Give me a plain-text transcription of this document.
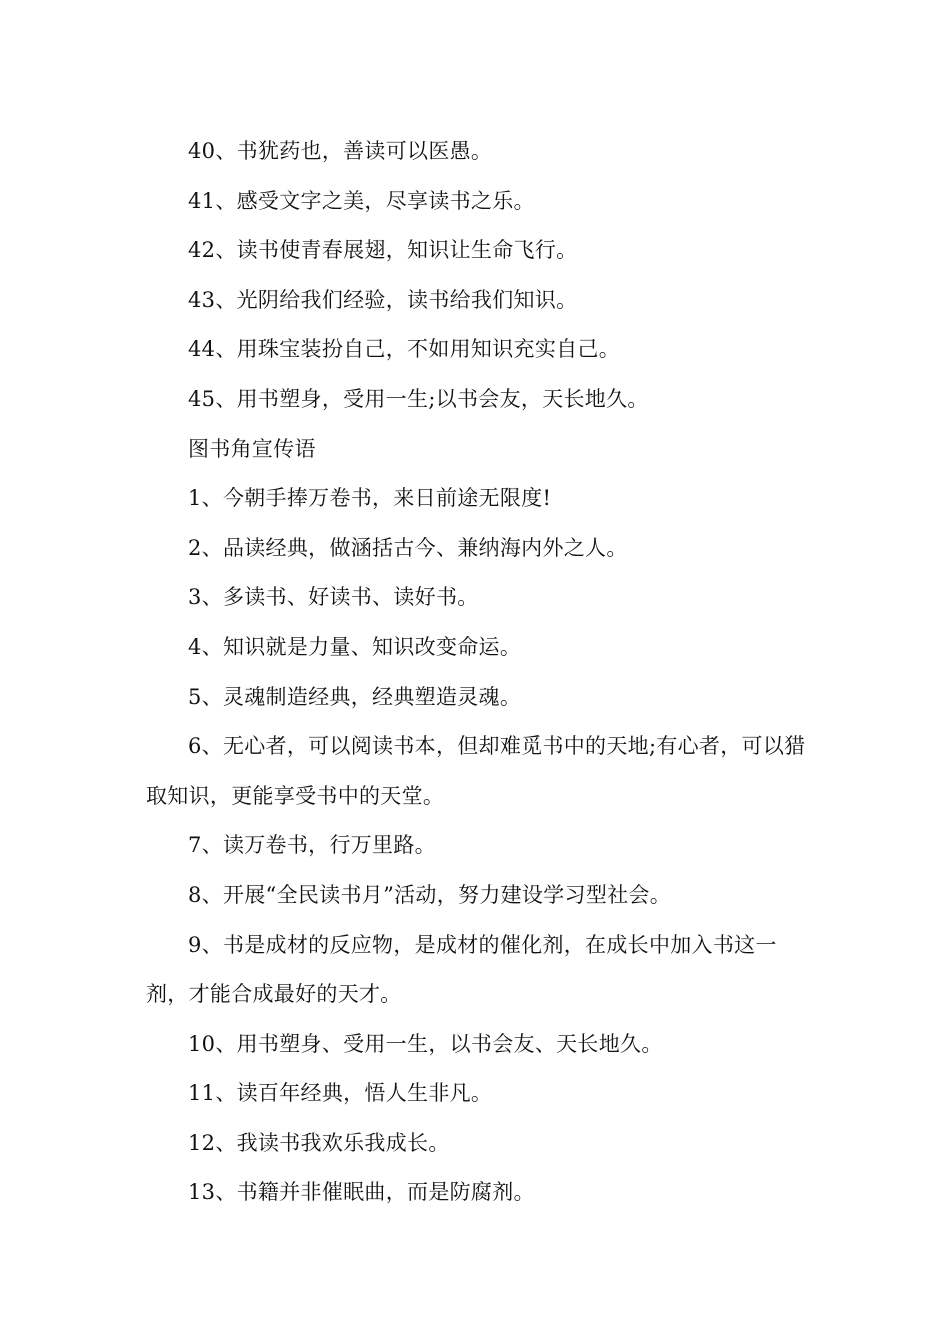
40、书犹药也，善读可以医愚。

41、感受文字之美，尽享读书之乐。

42、读书使青春展翅，知识让生命飞行。

43、光阴给我们经验，读书给我们知识。

44、用珠宝装扮自己，不如用知识充实自己。

45、用书塑身，受用一生;以书会友，天长地久。

图书角宣传语

1、今朝手捧万卷书，来日前途无限度!

2、品读经典，做涵括古今、兼纳海内外之人。

3、多读书、好读书、读好书。

4、知识就是力量、知识改变命运。

5、灵魂制造经典，经典塑造灵魂。

6、无心者，可以阅读书本，但却难觅书中的天地;有心者，可以猎取知识，更能享受书中的天堂。

7、读万卷书，行万里路。

8、开展“全民读书月”活动，努力建设学习型社会。

9、书是成材的反应物，是成材的催化剂，在成长中加入书这一剂，才能合成最好的天才。

10、用书塑身、受用一生，以书会友、天长地久。

11、读百年经典，悟人生非凡。

12、我读书我欢乐我成长。

13、书籍并非催眠曲，而是防腐剂。
